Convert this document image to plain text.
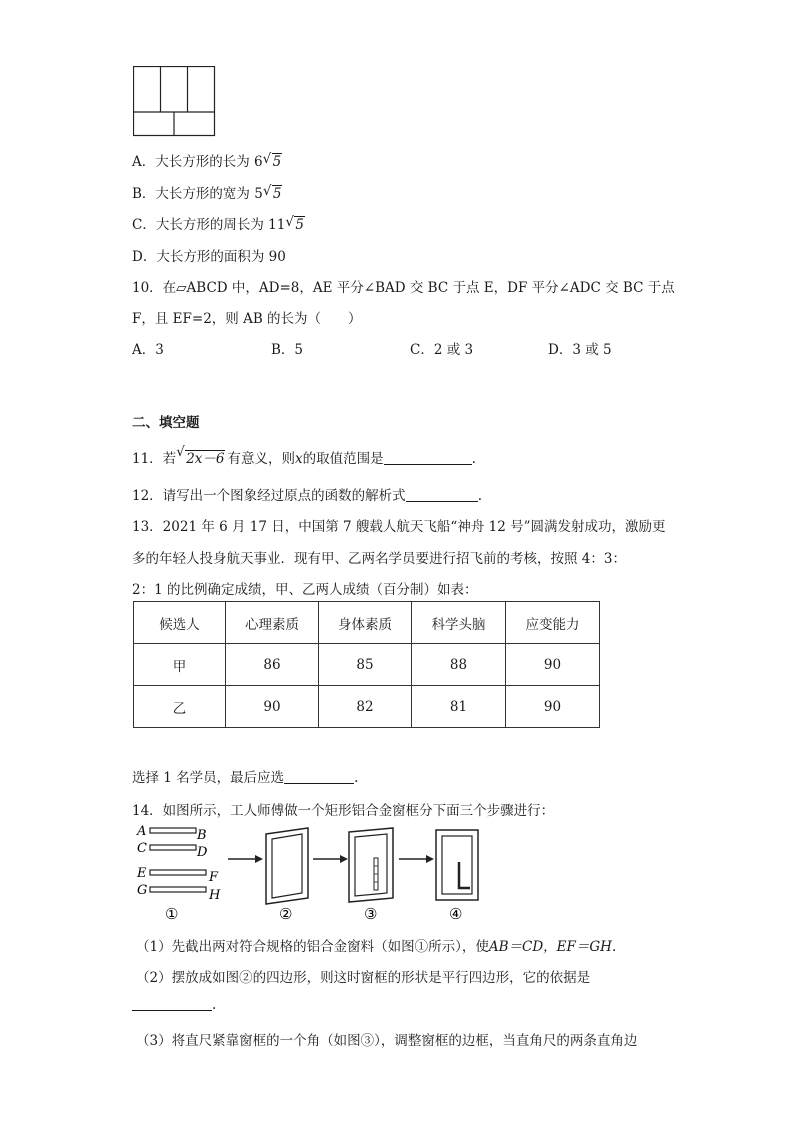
A．大长方形的长为 6 √ 5
B．大长方形的宽为 5 √ 5
C．大长方形的周长为 11 √ 5
D．大长方形的面积为 90
10．在▱ABCD 中，AD=8，AE 平分∠BAD 交 BC 于点 E，DF 平分∠ADC 交 BC 于点
F，且 EF=2，则 AB 的长为（　　）
A．3	B．5	C．2 或 3	D．3 或 5
二、填空题
11．若 √ 2x－6 有意义，则x的取值范围是	.
12．请写出一个图象经过原点的函数的解析式	.
13．2021 年 6 月 17 日，中国第 7 艘载人航天飞船“神舟 12 号”圆满发射成功，激励更
多的年轻人投身航天事业．现有甲、乙两名学员要进行招飞前的考核，按照 4：3：
2：1 的比例确定成绩，甲、乙两人成绩（百分制）如表：
候选人	心理素质	身体素质	科学头脑	应变能力
甲	86	85	88	90
乙	90	82	81	90
选择 1 名学员，最后应选	.
14．如图所示，工人师傅做一个矩形铝合金窗框分下面三个步骤进行：
A	B
C	D
E	F
G	H
①	②	③	④
（1）先截出两对符合规格的铝合金窗料（如图①所示），使AB＝CD，EF＝GH.
（2）摆放成如图②的四边形，则这时窗框的形状是平行四边形，它的依据是
.
（3）将直尺紧靠窗框的一个角（如图③），调整窗框的边框，当直角尺的两条直角边
